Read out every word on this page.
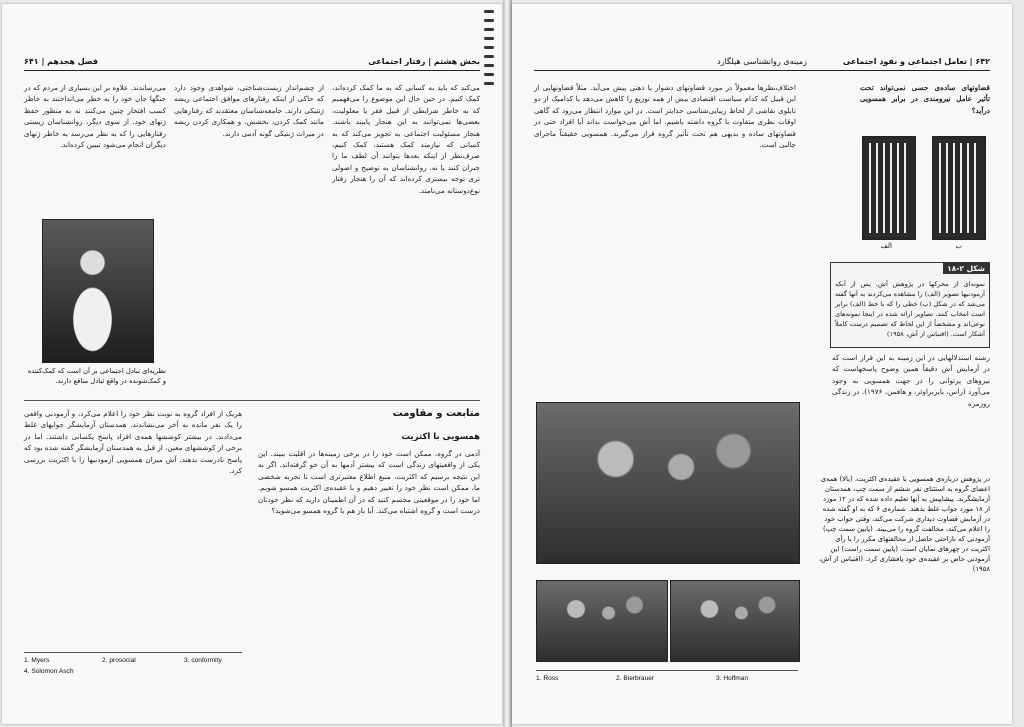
فصل هجدهم | ۶۴۱	بخش هشتم | رفتار اجتماعی
می‌کند که باید به کسانی که به ما کمک کرده‌اند، کمک کنیم. در حین حال این موضوع را می‌فهمیم که به خاطر شرایطی از قبیل فقر یا معلولیت، بعضی‌ها نمی‌توانند به این هنجار پایبند باشند. هنجار مسئولیت اجتماعی به تجویز می‌کند که به کسانی که نیازمند کمک هستند، کمک کنیم، صرف‌نظر از اینکه بعدها بتوانند آن لطف ما را جبران کنند یا نه. روانشناسان به توضیح و اصولی تری توجه بیشتری کرده‌اند که آن را هنجار رفتار نوع‌دوستانه می‌نامند.
از چشم‌انداز زیست‌شناختی، شواهدی وجود دارد که حاکی از اینکه رفتارهای موافق اجتماعی ریشه ژنتیکی دارند. جامعه‌شناسان معتقدند که رفتارهایی مانند کمک کردن، بخشش، و همکاری کردن ریشه در میراث ژنتیکی گونه آدمی دارند.
می‌رساندند. علاوه بر این بسیاری از مردم که در جنگها جان خود را به خطر می‌انداختند به خاطر کسب افتخار چنین می‌کنند نه به منظور حفظ ژنهای خود. از سوی دیگر، روانشناسان زیستی رفتارهایی را که به نظر می‌رسد به خاطر ژنهای دیگران انجام می‌شود تبیین کرده‌اند.
نظریه‌ای تبادل اجتماعی بر آن است که کمک‌کننده و کمک‌شونده در واقع تبادل منافع دارند.
متابعت و مقاومت
همسویی با اکثریت
آدمی در گروه، ممکن است خود را در برخی زمینه‌ها در اقلیت ببیند. این یکی از واقعیتهای زندگی است که بیشتر آدمها به آن خو گرفته‌اند. اگر به این نتیجه برسیم که اکثریت، منبع اطلاع معتبرتری است تا تجربه شخصی ما، ممکن است نظر خود را تغییر دهیم و با عقیده‌ی اکثریت همسو شویم. اما خود را در موقعیتی مجسم کنید که در آن اطمینان دارید که نظر خودتان درست است و گروه اشتباه می‌کند. آیا باز هم با گروه همسو می‌شوید؟
هریک از افراد گروه به نوبت نظر خود را اعلام می‌کرد، و آزمودنی واقعی را یک نفر مانده به آخر می‌نشاندند. همدستان آزمایشگر جوابهای غلط می‌دادند. در بیشتر کوششها همه‌ی افراد پاسخ یکسانی داشتند. اما در برخی از کوششهای معین، از قبل به همدستان آزمایشگر گفته شده بود که پاسخ نادرست بدهند. آش میزان همسویی آزمودنیها را با اکثریت بررسی کرد.
1. Myers	2. prosocial	3. conformity
4. Solomon Asch
۶۴۲ | تعامل اجتماعی و نفوذ اجتماعی
زمینه‌ی روانشناسی هیلگارد
قضاوتهای ساده‌ی حسی نمی‌تواند تحت تأثیر عامل نیرومندی در برابر همسویی درآید؟
الف	ب
شکل ۲-۱۸
نمونه‌ای از محرکها در پژوهش آش. پس از آنکه آزمودنیها تصویر (الف) را مشاهده می‌کردند به آنها گفته می‌شد که در شکل (ب) خطی را که با خط (الف) برابر است انتخاب کنند. تصاویر ارائه شده در اینجا نمونه‌های نوعی‌اند و مشخصاً از این لحاظ که تصمیم درست کاملاً آشکار است. (اقتباس از آش، ۱۹۵۸)
اختلاف‌نظرها معمولاً در مورد قضاوتهای دشوار یا ذهنی پیش می‌آید. مثلاً قضاوتهایی از این قبیل که کدام سیاست اقتصادی بیش از همه توزیع را کاهش می‌دهد یا کدامیک از دو تابلوی نقاشی از لحاظ زیبایی‌شناسی جذابتر است. در این موارد انتظار می‌رود که گاهی اوقات نظری متفاوت با گروه داشته باشیم. اما آش می‌خواست بداند آیا افراد حتی در قضاوتهای ساده و بدیهی هم تحت تأثیر گروه قرار می‌گیرند. همسویی حقیقتاً ماجرای جالبی است.
رشته استدلالهایی در این زمینه به این قرار است که در آزمایش آش دقیقاً همین وضوح پاسخهاست که نیروهای پرتوانی را در جهت همسویی به وجود می‌آورد (راس، بایربراوئر، و هافمن، ۱۹۷۶). در زندگی روزمره
در پژوهش درباره‌ی همسویی با عقیده‌ی اکثریت، (بالا) همه‌ی اعضای گروه به استثنای نفر ششم از سمت چپ، همدستان آزمایشگرند. پیشاپیش به آنها تعلیم داده شده که در ۱۲ مورد از ۱۸ مورد جواب غلط بدهند. شماره‌ی ۶ که به او گفته شده در آزمایش قضاوت دیداری شرکت می‌کند، وقتی جواب خود را اعلام می‌کند، مخالفت گروه را می‌بیند. (پایین سمت چپ) آزمودنی که ناراحتی حاصل از مخالفتهای مکرر را با رأی اکثریت در چهرهای نمایان است. (پایین سمت راست) این آزمودنی خاص بر عقیده‌ی خود پافشاری کرد. (اقتباس از آش، ۱۹۵۸)
1. Ross	2. Bierbrauer	3. Hoffman
